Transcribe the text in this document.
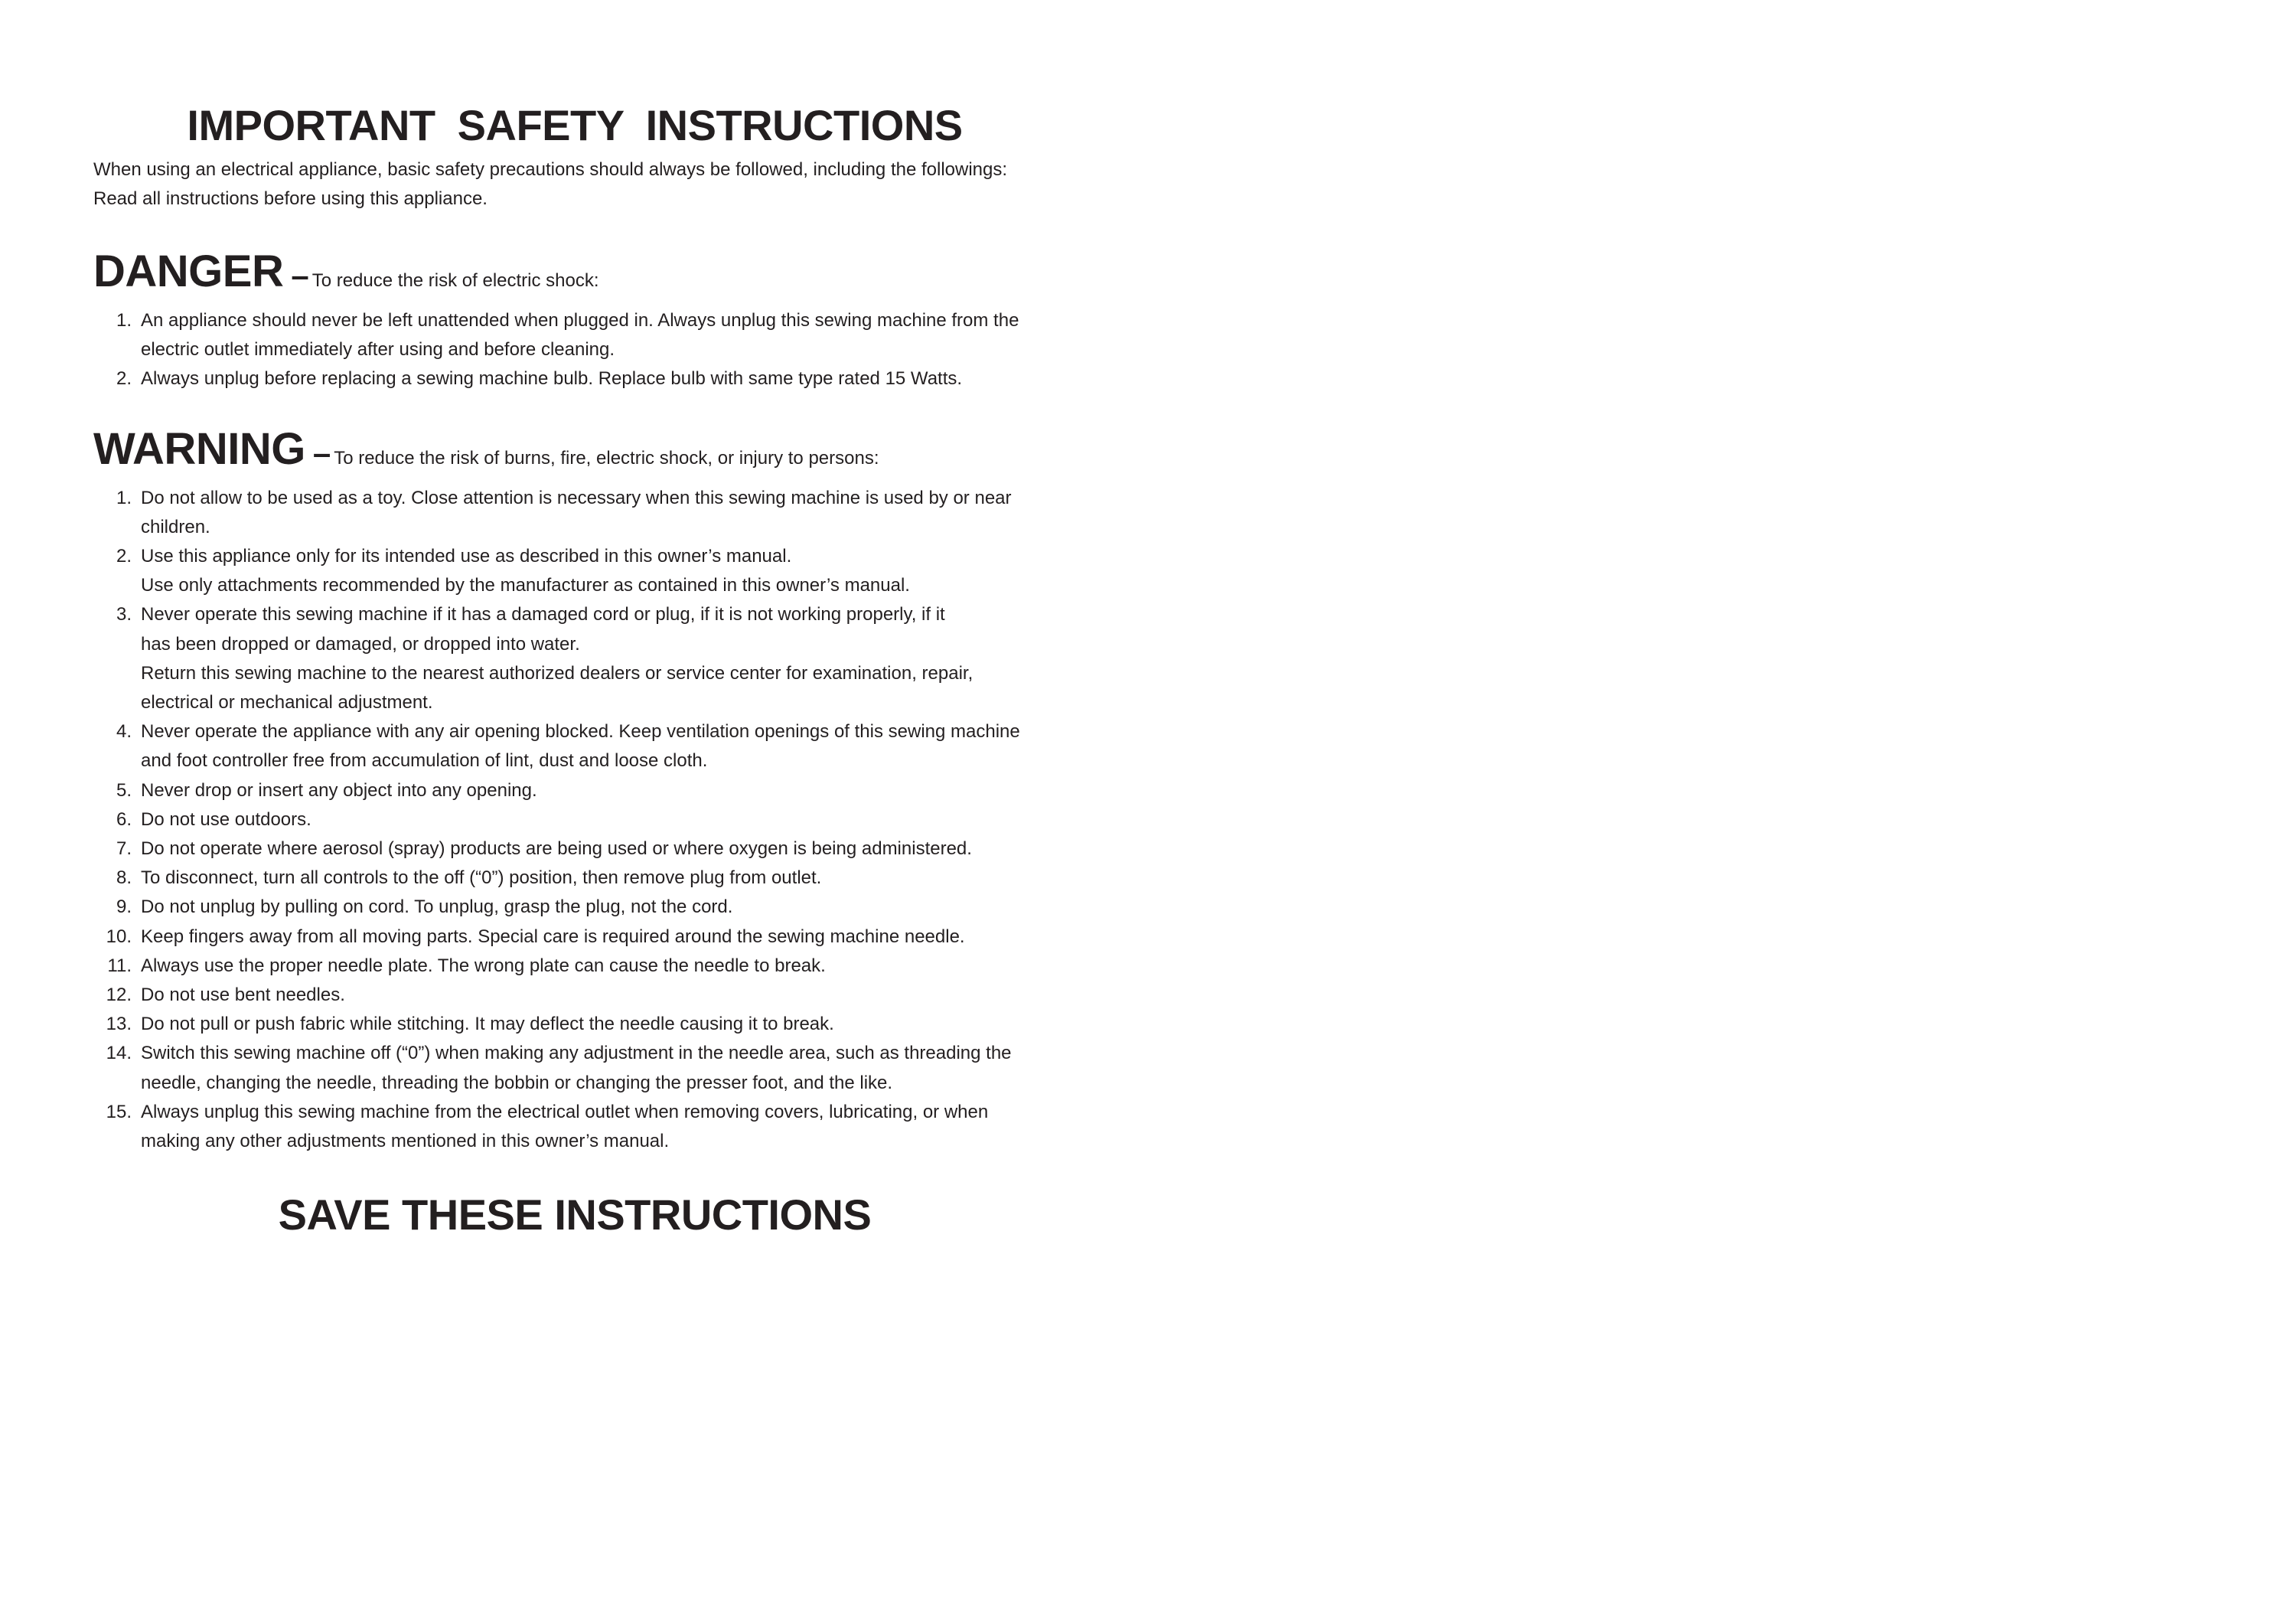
IMPORTANT SAFETY INSTRUCTIONS

When using an electrical appliance, basic safety precautions should always be followed, including the followings:

Read all instructions before using this appliance.

DANGER – To reduce the risk of electric shock:
1. An appliance should never be left unattended when plugged in. Always unplug this sewing machine from the
electric outlet immediately after using and before cleaning.
2. Always unplug before replacing a sewing machine bulb. Replace bulb with same type rated 15 Watts.
WARNING – To reduce the risk of burns, fire, electric shock, or injury to persons:
1. Do not allow to be used as a toy. Close attention is necessary when this sewing machine is used by or near
children.
2. Use this appliance only for its intended use as described in this owner’s manual.
Use only attachments recommended by the manufacturer as contained in this owner’s manual.
3. Never operate this sewing machine if it has a damaged cord or plug, if it is not working properly, if it
has been dropped or damaged, or dropped into water.
Return this sewing machine to the nearest authorized dealers or service center for examination, repair,
electrical or mechanical adjustment.
4. Never operate the appliance with any air opening blocked. Keep ventilation openings of this sewing machine
and foot controller free from accumulation of lint, dust and loose cloth.
5. Never drop or insert any object into any opening.
6. Do not use outdoors.
7. Do not operate where aerosol (spray) products are being used or where oxygen is being administered.
8. To disconnect, turn all controls to the off (“0”) position, then remove plug from outlet.
9. Do not unplug by pulling on cord. To unplug, grasp the plug, not the cord.
10. Keep fingers away from all moving parts. Special care is required around the sewing machine needle.
11. Always use the proper needle plate. The wrong plate can cause the needle to break.
12. Do not use bent needles.
13. Do not pull or push fabric while stitching. It may deflect the needle causing it to break.
14. Switch this sewing machine off (“0”) when making any adjustment in the needle area, such as threading the
needle, changing the needle, threading the bobbin or changing the presser foot, and the like.
15. Always unplug this sewing machine from the electrical outlet when removing covers, lubricating, or when
making any other adjustments mentioned in this owner’s manual.
SAVE THESE INSTRUCTIONS
